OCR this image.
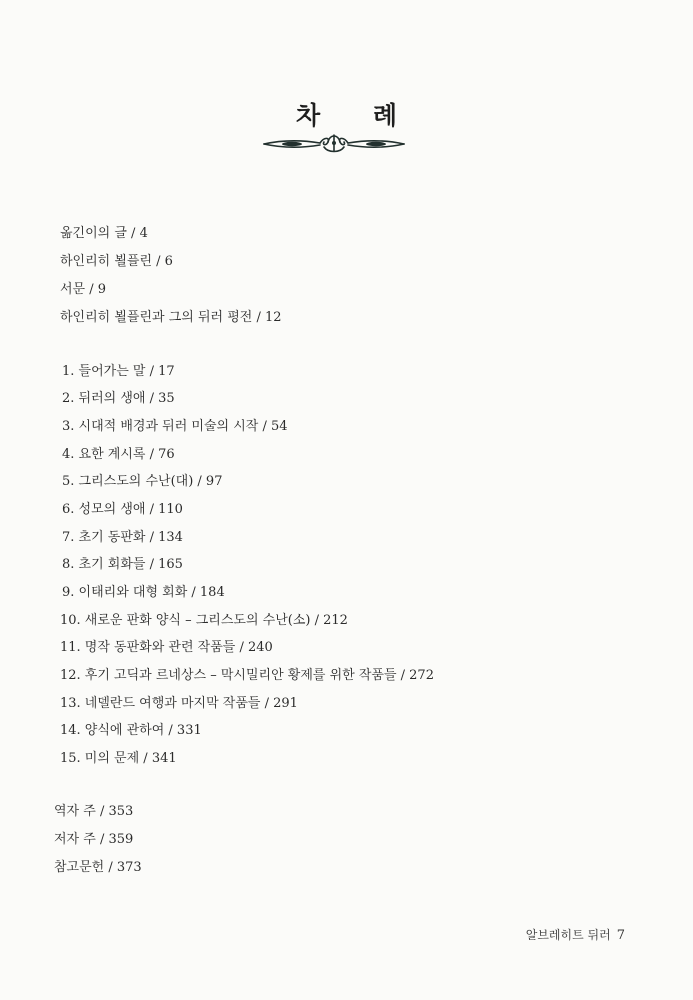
차 례
옮긴이의 글 / 4
하인리히 뵐플린 / 6
서문 / 9
하인리히 뵐플린과 그의 뒤러 평전 / 12
1. 들어가는 말 / 17
2. 뒤러의 생애 / 35
3. 시대적 배경과 뒤러 미술의 시작 / 54
4. 요한 계시록 / 76
5. 그리스도의 수난(대) / 97
6. 성모의 생애 / 110
7. 초기 동판화 / 134
8. 초기 회화들 / 165
9. 이태리와 대형 회화 / 184
10. 새로운 판화 양식 – 그리스도의 수난(소) / 212
11. 명작 동판화와 관련 작품들 / 240
12. 후기 고딕과 르네상스 – 막시밀리안 황제를 위한 작품들 / 272
13. 네델란드 여행과 마지막 작품들 / 291
14. 양식에 관하여 / 331
15. 미의 문제 / 341
역자 주 / 353
저자 주 / 359
참고문헌 / 373
알브레히트 뒤러 7
